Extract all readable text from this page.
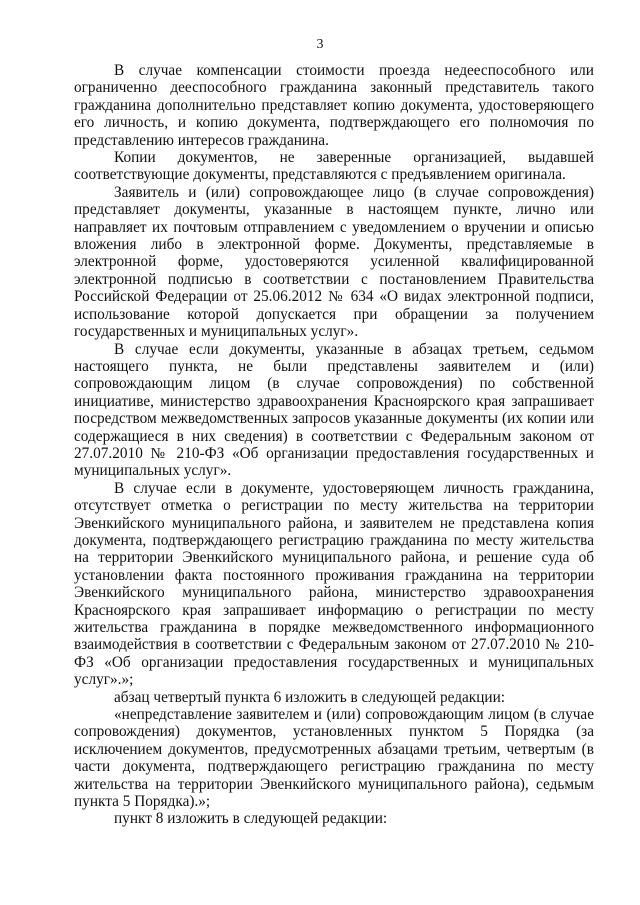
3

В случае компенсации стоимости проезда недееспособного или ограниченно дееспособного гражданина законный представитель такого гражданина дополнительно представляет копию документа, удостоверяющего его личность, и копию документа, подтверждающего его полномочия по представлению интересов гражданина.

Копии документов, не заверенные организацией, выдавшей соответствующие документы, представляются с предъявлением оригинала.

Заявитель и (или) сопровождающее лицо (в случае сопровождения) представляет документы, указанные в настоящем пункте, лично или направляет их почтовым отправлением с уведомлением о вручении и описью вложения либо в электронной форме. Документы, представляемые в электронной форме, удостоверяются усиленной квалифицированной электронной подписью в соответствии с постановлением Правительства Российской Федерации от 25.06.2012 № 634 «О видах электронной подписи, использование которой допускается при обращении за получением государственных и муниципальных услуг».

В случае если документы, указанные в абзацах третьем, седьмом настоящего пункта, не были представлены заявителем и (или) сопровождающим лицом (в случае сопровождения) по собственной инициативе, министерство здравоохранения Красноярского края запрашивает посредством межведомственных запросов указанные документы (их копии или содержащиеся в них сведения) в соответствии с Федеральным законом от 27.07.2010 № 210-ФЗ «Об организации предоставления государственных и муниципальных услуг».

В случае если в документе, удостоверяющем личность гражданина, отсутствует отметка о регистрации по месту жительства на территории Эвенкийского муниципального района, и заявителем не представлена копия документа, подтверждающего регистрацию гражданина по месту жительства на территории Эвенкийского муниципального района, и решение суда об установлении факта постоянного проживания гражданина на территории Эвенкийского муниципального района, министерство здравоохранения Красноярского края запрашивает информацию о регистрации по месту жительства гражданина в порядке межведомственного информационного взаимодействия в соответствии с Федеральным законом от 27.07.2010 № 210-ФЗ «Об организации предоставления государственных и муниципальных услуг».»;

абзац четвертый пункта 6 изложить в следующей редакции:

«непредставление заявителем и (или) сопровождающим лицом (в случае сопровождения) документов, установленных пунктом 5 Порядка (за исключением документов, предусмотренных абзацами третьим, четвертым (в части документа, подтверждающего регистрацию гражданина по месту жительства на территории Эвенкийского муниципального района), седьмым пункта 5 Порядка).»;

пункт 8 изложить в следующей редакции:
